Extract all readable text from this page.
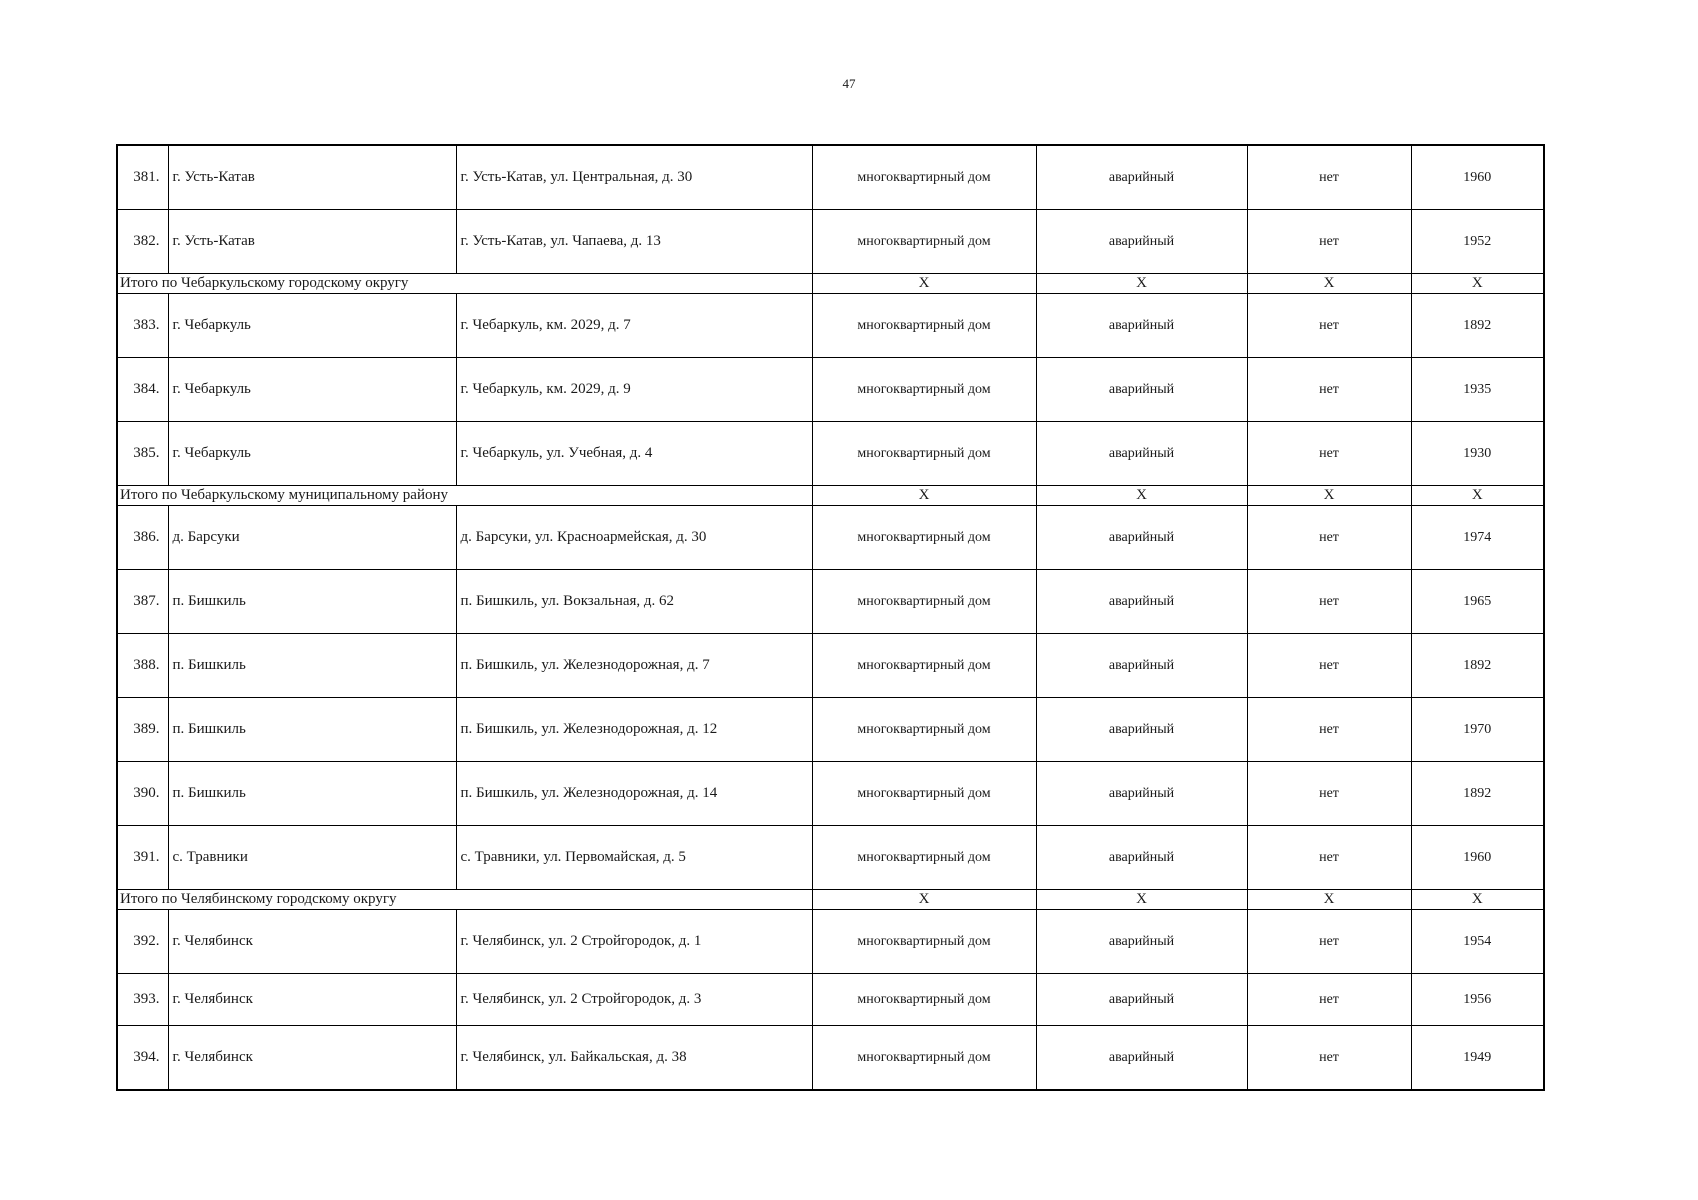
47
381.	г. Усть-Катав	г. Усть-Катав, ул. Центральная, д. 30	многоквартирный дом	аварийный	нет	1960
382.	г. Усть-Катав	г. Усть-Катав, ул. Чапаева, д. 13	многоквартирный дом	аварийный	нет	1952
Итого по Чебаркульскому городскому округу			X	X	X	X
383.	г. Чебаркуль	г. Чебаркуль, км. 2029, д. 7	многоквартирный дом	аварийный	нет	1892
384.	г. Чебаркуль	г. Чебаркуль, км. 2029, д. 9	многоквартирный дом	аварийный	нет	1935
385.	г. Чебаркуль	г. Чебаркуль, ул. Учебная, д. 4	многоквартирный дом	аварийный	нет	1930
Итого по Чебаркульскому муниципальному району			X	X	X	X
386.	д. Барсуки	д. Барсуки, ул. Красноармейская, д. 30	многоквартирный дом	аварийный	нет	1974
387.	п. Бишкиль	п. Бишкиль, ул. Вокзальная, д. 62	многоквартирный дом	аварийный	нет	1965
388.	п. Бишкиль	п. Бишкиль, ул. Железнодорожная, д. 7	многоквартирный дом	аварийный	нет	1892
389.	п. Бишкиль	п. Бишкиль, ул. Железнодорожная, д. 12	многоквартирный дом	аварийный	нет	1970
390.	п. Бишкиль	п. Бишкиль, ул. Железнодорожная, д. 14	многоквартирный дом	аварийный	нет	1892
391.	с. Травники	с. Травники, ул. Первомайская, д. 5	многоквартирный дом	аварийный	нет	1960
Итого по Челябинскому городскому округу			X	X	X	X
392.	г. Челябинск	г. Челябинск, ул. 2 Стройгородок, д. 1	многоквартирный дом	аварийный	нет	1954
393.	г. Челябинск	г. Челябинск, ул. 2 Стройгородок, д. 3	многоквартирный дом	аварийный	нет	1956
394.	г. Челябинск	г. Челябинск, ул. Байкальская, д. 38	многоквартирный дом	аварийный	нет	1949
